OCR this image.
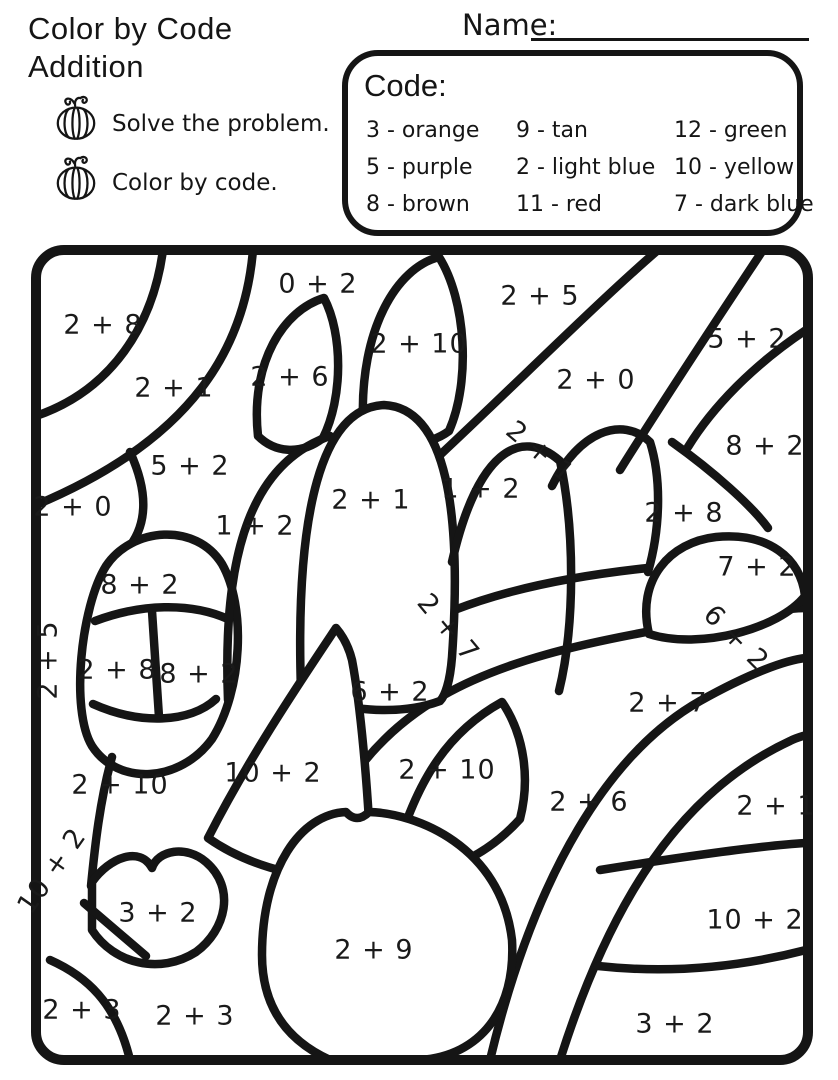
Color by Code
Addition
Name:
Solve the problem.
Color by code.
Code:
3 - orange	9 - tan	12 - green
5 - purple	2 - light blue 10 - yellow
8 - brown	11 - red	7 - dark blue
2 + 8
0 + 2	2 + 5
2 + 10	5 + 2
2 + 1 2 + 6	2 + 0
2 + 1	8 + 2
5 + 2
2 + 0	2 + 1 1 + 2
2 + 8
1 + 2
7 + 2
8 + 2
2 + 7	6 + 2
2 + 5 2 + 8 8 + 2
6 + 2	2 + 7
2 + 10
10 + 2
2 + 10
2 + 6	2 + 1
10 + 2 3 + 2	10 + 2
2 + 9
2 + 3 2 + 3	3 + 2
